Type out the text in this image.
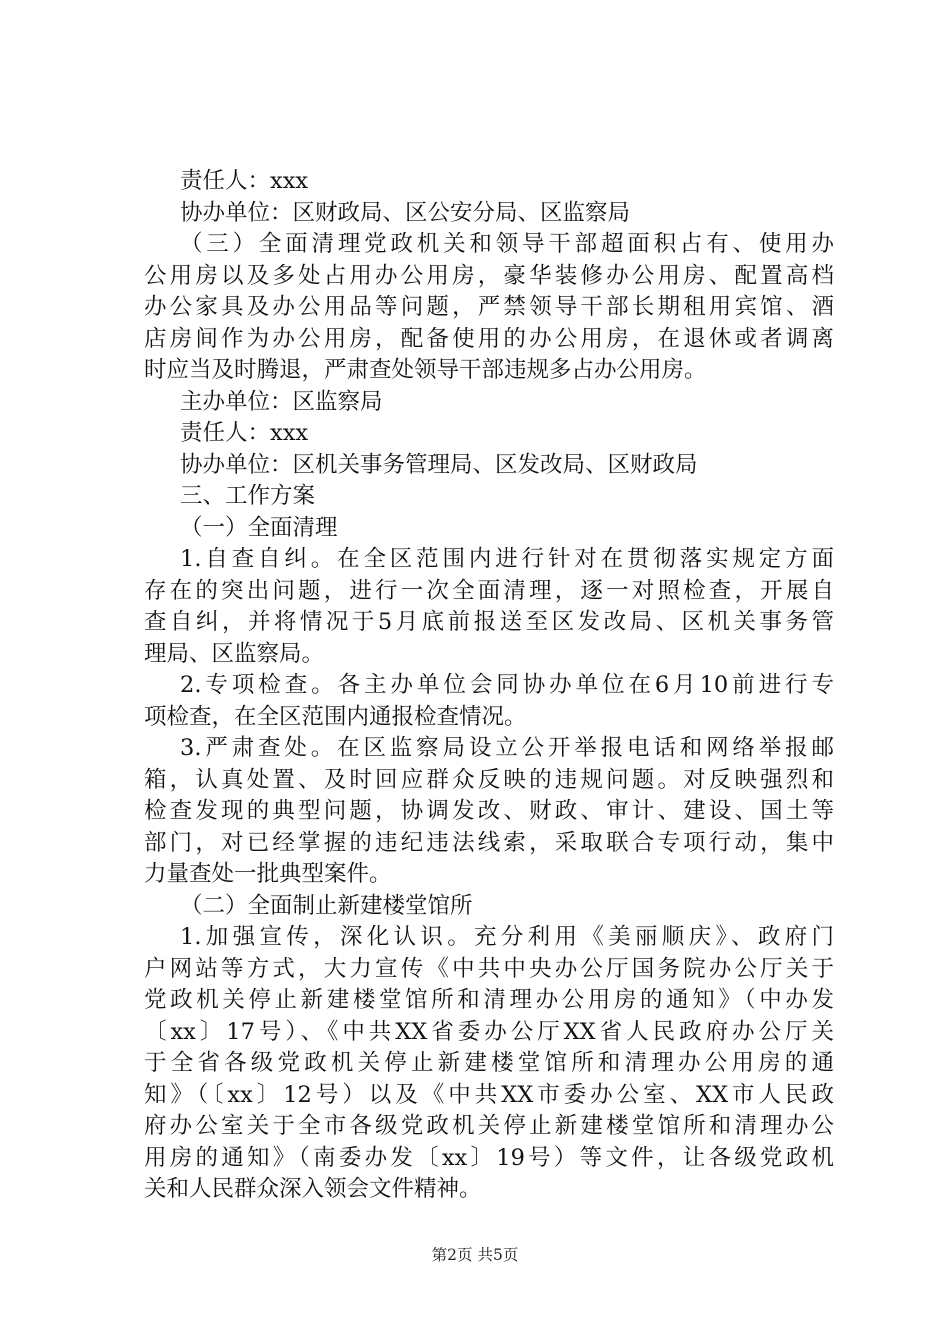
责任人：xxx
协办单位：区财政局、区公安分局、区监察局
（三）全面清理党政机关和领导干部超面积占有、使用办
公用房以及多处占用办公用房，豪华装修办公用房、配置高档
办公家具及办公用品等问题，严禁领导干部长期租用宾馆、酒
店房间作为办公用房，配备使用的办公用房，在退休或者调离
时应当及时腾退，严肃查处领导干部违规多占办公用房。
主办单位：区监察局
责任人：xxx
协办单位：区机关事务管理局、区发改局、区财政局
三、工作方案
（一）全面清理
1.自查自纠。在全区范围内进行针对在贯彻落实规定方面
存在的突出问题，进行一次全面清理，逐一对照检查，开展自
查自纠，并将情况于5月底前报送至区发改局、区机关事务管
理局、区监察局。
2.专项检查。各主办单位会同协办单位在6月10前进行专
项检查，在全区范围内通报检查情况。
3.严肃查处。在区监察局设立公开举报电话和网络举报邮
箱，认真处置、及时回应群众反映的违规问题。对反映强烈和
检查发现的典型问题，协调发改、财政、审计、建设、国土等
部门，对已经掌握的违纪违法线索，采取联合专项行动，集中
力量查处一批典型案件。
（二）全面制止新建楼堂馆所
1.加强宣传，深化认识。充分利用《美丽顺庆》、政府门
户网站等方式，大力宣传《中共中央办公厅国务院办公厅关于
党政机关停止新建楼堂馆所和清理办公用房的通知》（中办发
〔xx〕17号）、《中共XX省委办公厅XX省人民政府办公厅关
于全省各级党政机关停止新建楼堂馆所和清理办公用房的通
知》（〔xx〕12号）以及《中共XX市委办公室、XX市人民政
府办公室关于全市各级党政机关停止新建楼堂馆所和清理办公
用房的通知》（南委办发〔xx〕19号）等文件，让各级党政机
关和人民群众深入领会文件精神。
第2页 共5页
